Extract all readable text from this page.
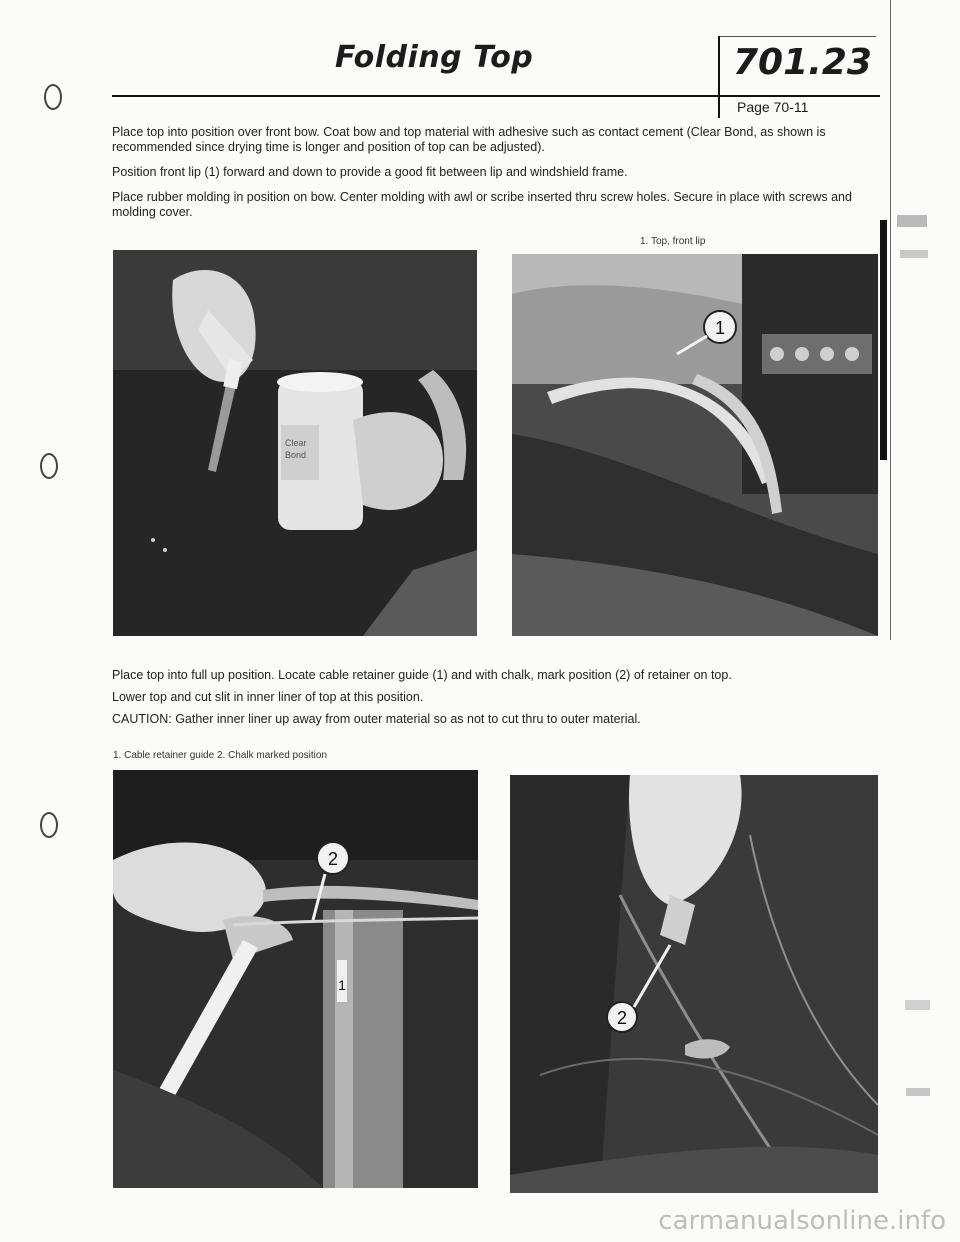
Folding Top	701.23
Page 70-11
Place top into position over front bow. Coat bow and top material with adhesive such as contact cement (Clear Bond, as shown is recommended since drying time is longer and position of top can be adjusted).
Position front lip (1) forward and down to provide a good fit between lip and windshield frame.
Place rubber molding in position on bow. Center molding with awl or scribe inserted thru screw holes. Secure in place with screws and molding cover.
1. Top, front lip
Clear
Bond
1
Place top into full up position. Locate cable retainer guide (1) and with chalk, mark position (2) of retainer on top.
Lower top and cut slit in inner liner of top at this position.
CAUTION: Gather inner liner up away from outer material so as not to cut thru to outer material.
1. Cable retainer guide 2. Chalk marked position
2
1
2
carmanualsonline.info
